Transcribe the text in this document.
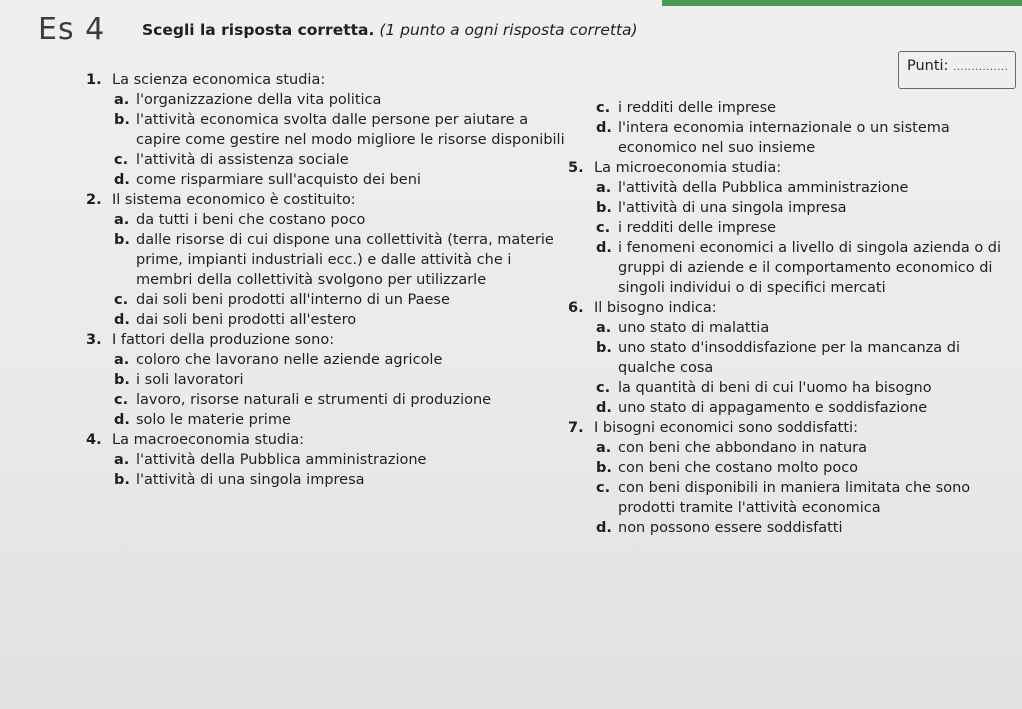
Es 4 Scegli la risposta corretta. (1 punto a ogni risposta corretta)
Punti: ...............
1. La scienza economica studia:
a. l'organizzazione della vita politica
b. l'attività economica svolta dalle persone per aiutare a capire come gestire nel modo migliore le risorse disponibili
c. l'attività di assistenza sociale
d. come risparmiare sull'acquisto dei beni
2. Il sistema economico è costituito:
a. da tutti i beni che costano poco
b. dalle risorse di cui dispone una collettività (terra, materie prime, impianti industriali ecc.) e dalle attività che i membri della collettività svolgono per utilizzarle
c. dai soli beni prodotti all'interno di un Paese
d. dai soli beni prodotti all'estero
3. I fattori della produzione sono:
a. coloro che lavorano nelle aziende agricole
b. i soli lavoratori
c. lavoro, risorse naturali e strumenti di produzione
d. solo le materie prime
4. La macroeconomia studia:
a. l'attività della Pubblica amministrazione
b. l'attività di una singola impresa
c. i redditi delle imprese
d. l'intera economia internazionale o un sistema economico nel suo insieme
5. La microeconomia studia:
a. l'attività della Pubblica amministrazione
b. l'attività di una singola impresa
c. i redditi delle imprese
d. i fenomeni economici a livello di singola azienda o di gruppi di aziende e il comportamento economico di singoli individui o di specifici mercati
6. Il bisogno indica:
a. uno stato di malattia
b. uno stato d'insoddisfazione per la mancanza di qualche cosa
c. la quantità di beni di cui l'uomo ha bisogno
d. uno stato di appagamento e soddisfazione
7. I bisogni economici sono soddisfatti:
a. con beni che abbondano in natura
b. con beni che costano molto poco
c. con beni disponibili in maniera limitata che sono prodotti tramite l'attività economica
d. non possono essere soddisfatti
